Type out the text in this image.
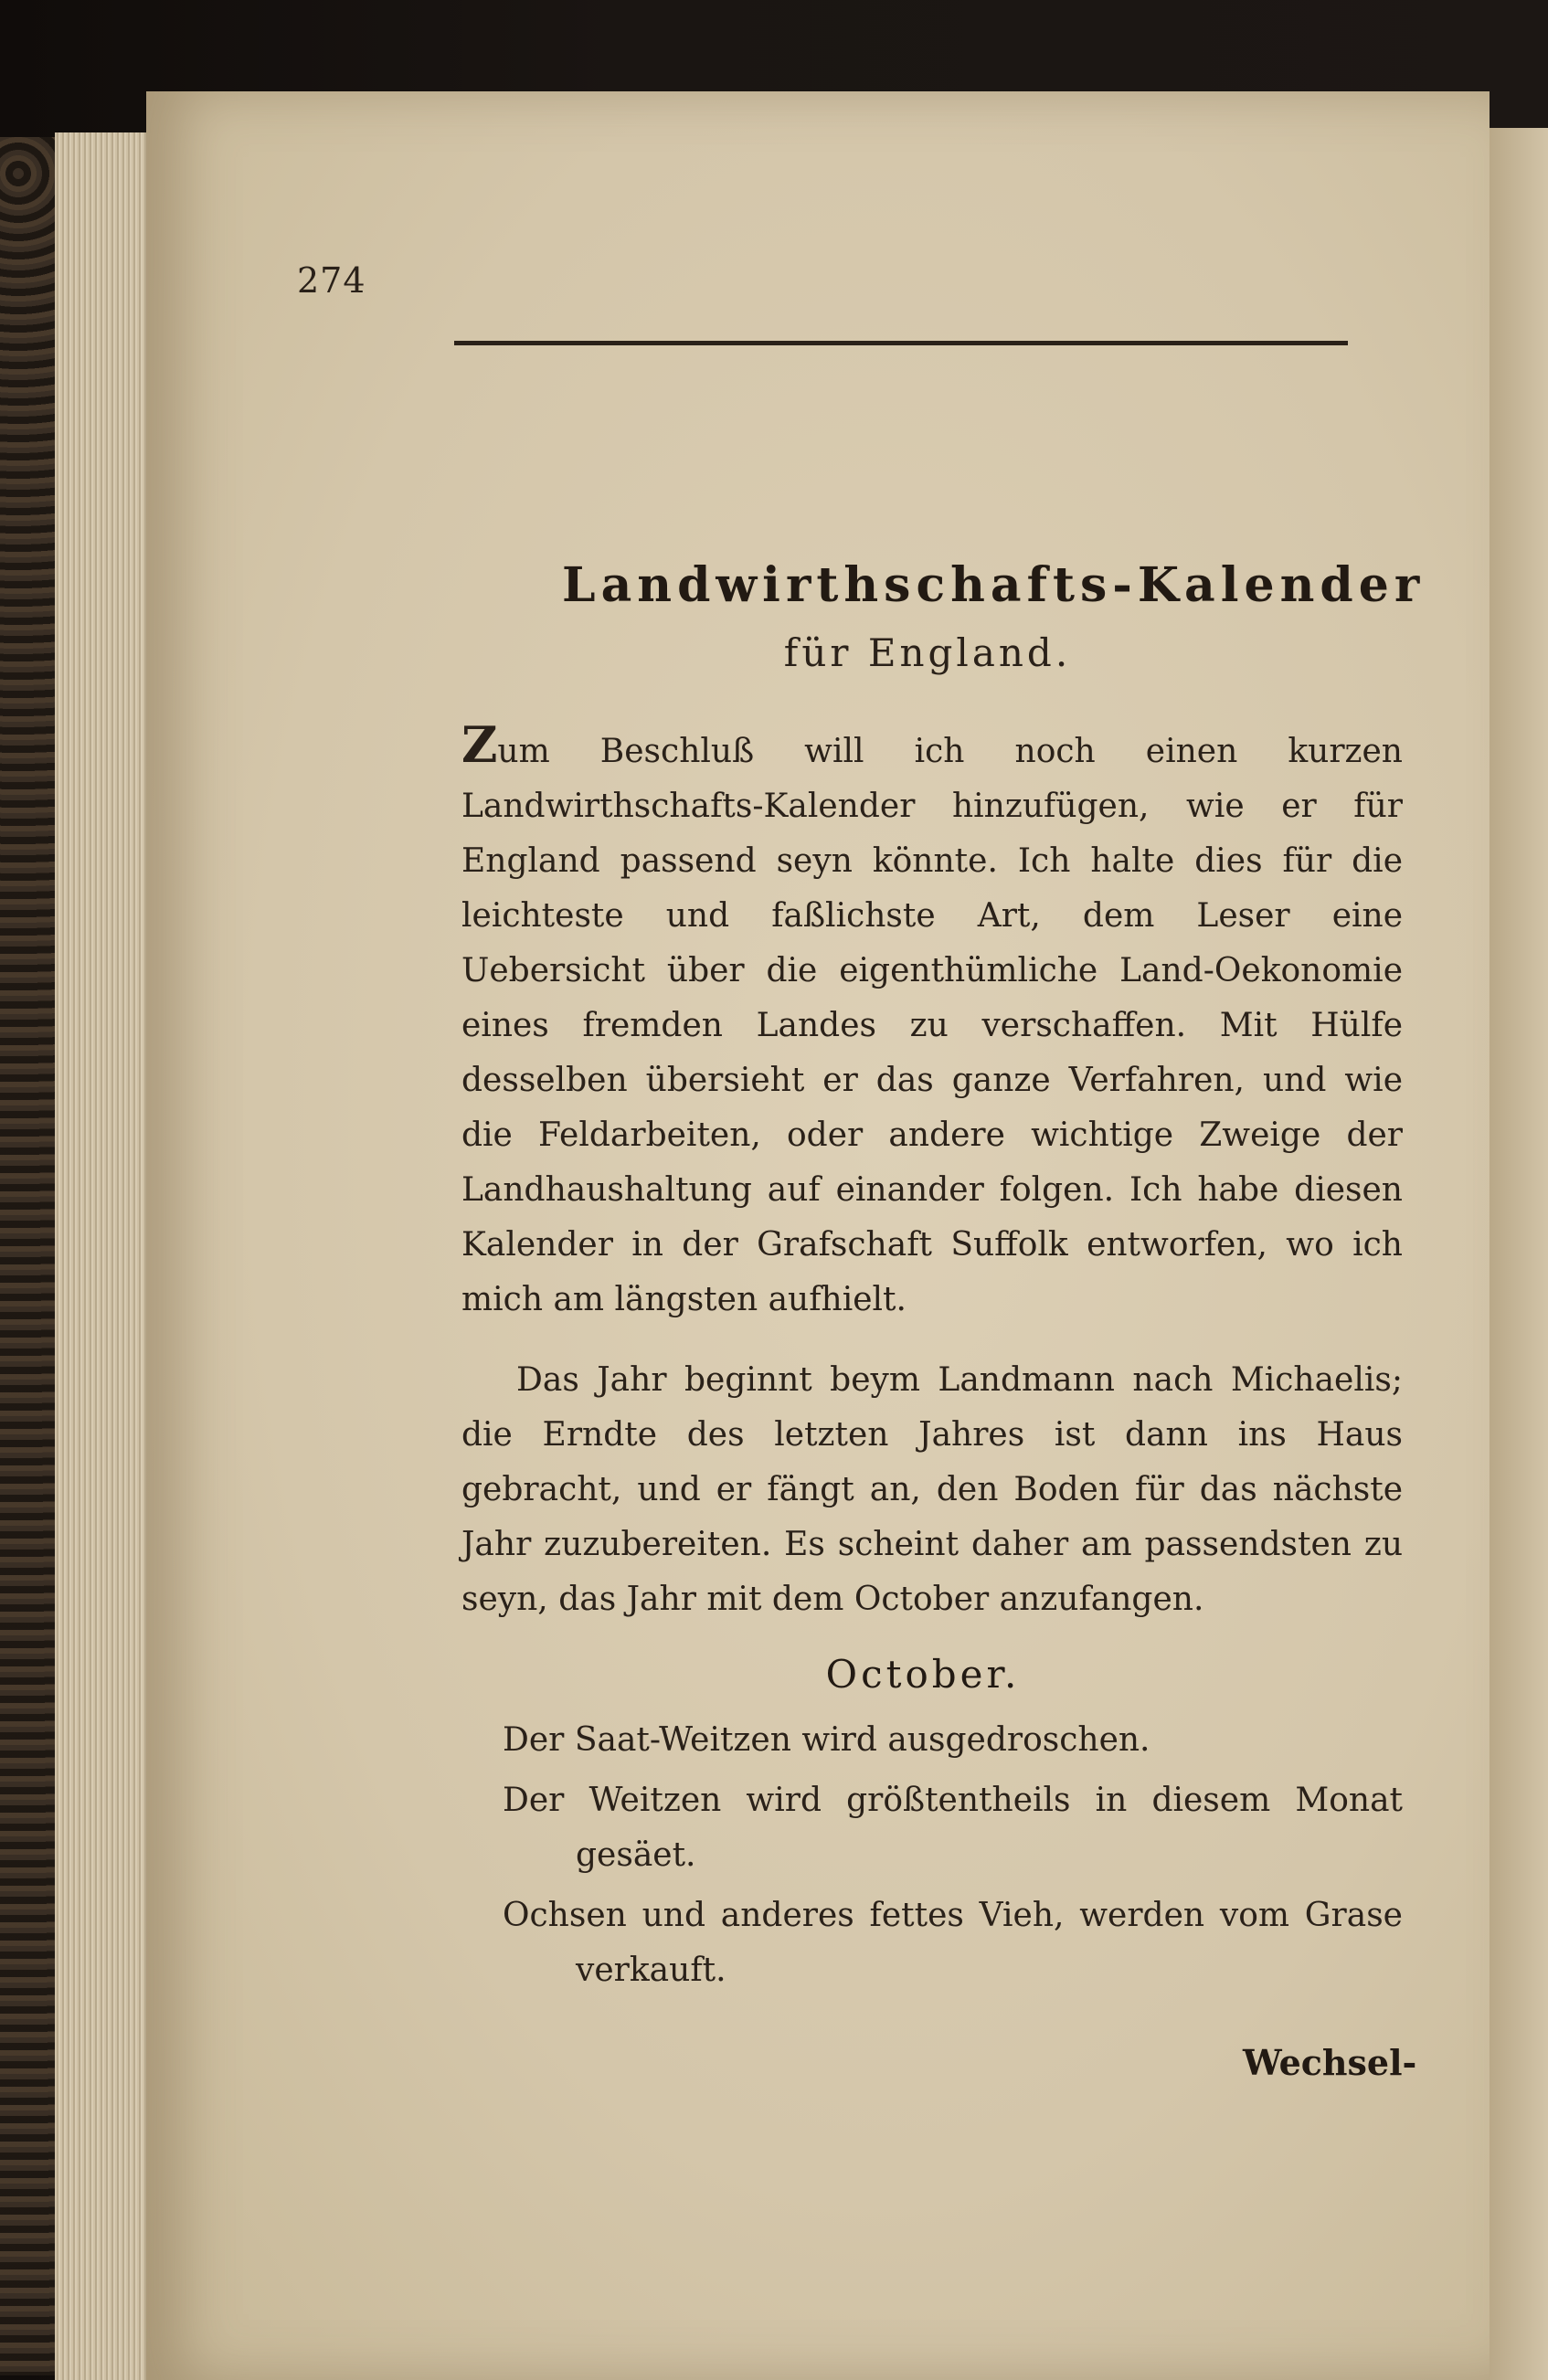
274
Landwirthschafts-Kalender
für England.

Zum Beschluß will ich noch einen kurzen Landwirthschafts-Kalender hinzufügen, wie er für England passend seyn könnte. Ich halte dies für die leichteste und faßlichste Art, dem Leser eine Uebersicht über die eigenthümliche Land-Oekonomie eines fremden Landes zu verschaffen. Mit Hülfe desselben übersieht er das ganze Verfahren, und wie die Feldarbeiten, oder andere wichtige Zweige der Landhaushaltung auf einander folgen. Ich habe diesen Kalender in der Grafschaft Suffolk entworfen, wo ich mich am längsten aufhielt.

Das Jahr beginnt beym Landmann nach Michaelis; die Erndte des letzten Jahres ist dann ins Haus gebracht, und er fängt an, den Boden für das nächste Jahr zuzubereiten. Es scheint daher am passendsten zu seyn, das Jahr mit dem October anzufangen.

October.

Der Saat-Weitzen wird ausgedroschen.

Der Weitzen wird größtentheils in diesem Monat gesäet.

Ochsen und anderes fettes Vieh, werden vom Grase verkauft.

Wechsel-
